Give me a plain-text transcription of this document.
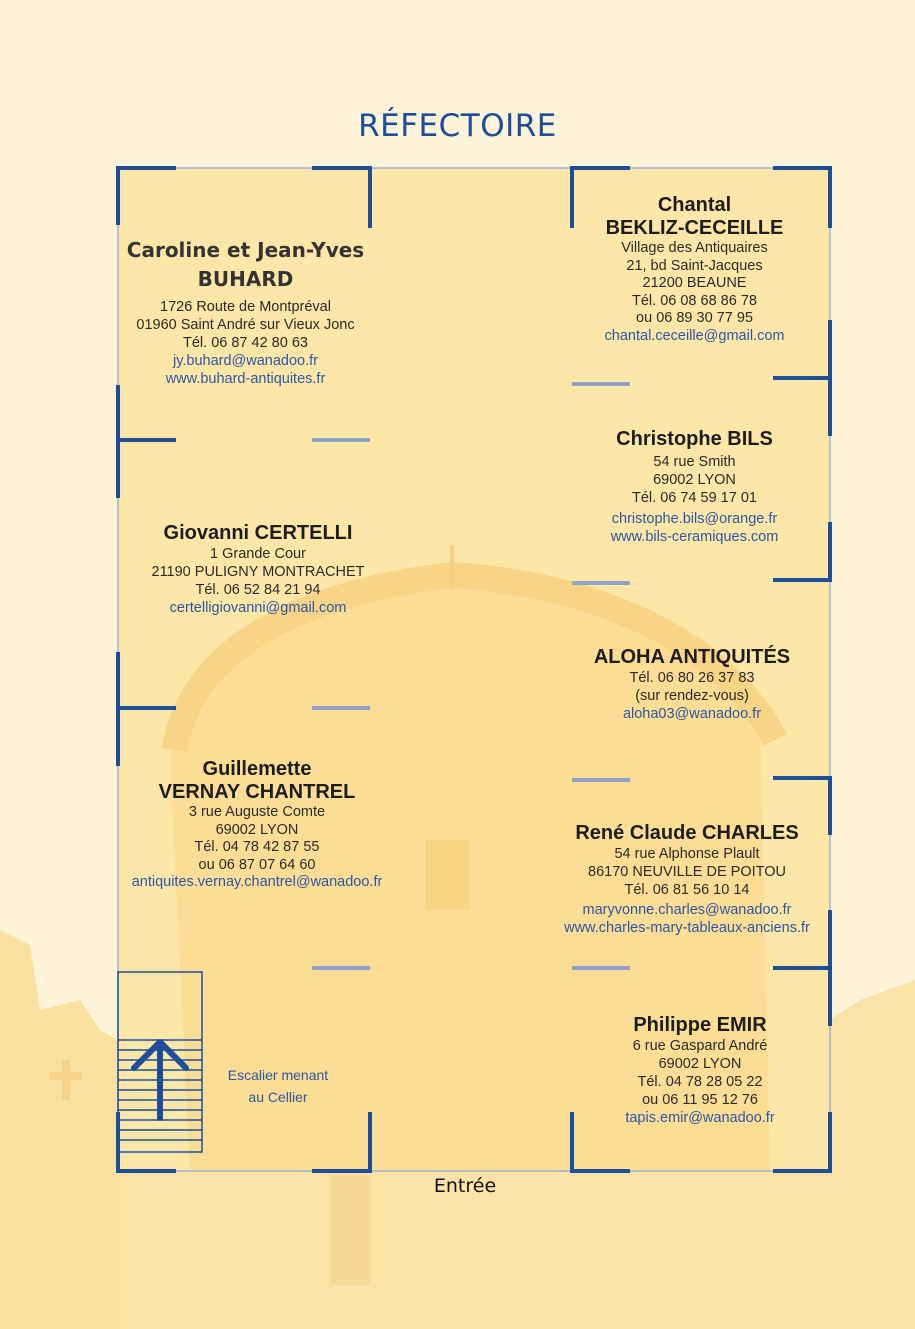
RÉFECTOIRE
Caroline et Jean-Yves
BUHARD
1726 Route de Montpréval
01960 Saint André sur Vieux Jonc
Tél. 06 87 42 80 63
jy.buhard@wanadoo.fr
www.buhard-antiquites.fr
Chantal
BEKLIZ-CECEILLE
Village des Antiquaires
21, bd Saint-Jacques
21200 BEAUNE
Tél. 06 08 68 86 78
ou 06 89 30 77 95
chantal.ceceille@gmail.com
Christophe BILS
54 rue Smith
69002 LYON
Tél. 06 74 59 17 01
christophe.bils@orange.fr
www.bils-ceramiques.com
Giovanni CERTELLI
1 Grande Cour
21190 PULIGNY MONTRACHET
Tél. 06 52 84 21 94
certelligiovanni@gmail.com
ALOHA ANTIQUITÉS
Tél. 06 80 26 37 83
(sur rendez-vous)
aloha03@wanadoo.fr
Guillemette
VERNAY CHANTREL
3 rue Auguste Comte
69002 LYON
Tél. 04 78 42 87 55
ou 06 87 07 64 60
antiquites.vernay.chantrel@wanadoo.fr
René Claude CHARLES
54 rue Alphonse Plault
86170 NEUVILLE DE POITOU
Tél. 06 81 56 10 14
maryvonne.charles@wanadoo.fr
www.charles-mary-tableaux-anciens.fr
Philippe EMIR
6 rue Gaspard André
69002 LYON
Tél. 04 78 28 05 22
ou 06 11 95 12 76
tapis.emir@wanadoo.fr
Escalier menant
au Cellier
Entrée
